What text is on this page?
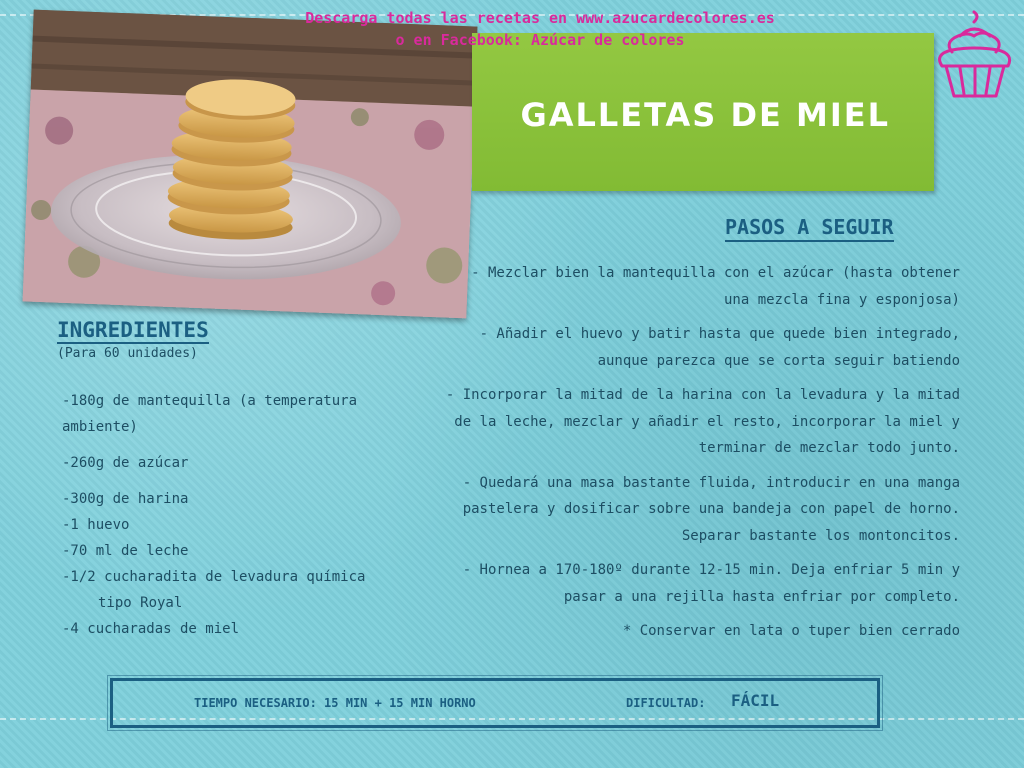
GALLETAS DE MIEL
Descarga todas las recetas en www.azucardecolores.es
o en Facebook: Azúcar de colores
INGREDIENTES
(Para 60 unidades)
-180g de mantequilla (a temperatura ambiente)
-260g de azúcar
-300g de harina
-1 huevo
-70 ml de leche
-1/2 cucharadita de levadura química
tipo Royal
-4 cucharadas de miel
PASOS A SEGUIR
- Mezclar bien la mantequilla con el azúcar (hasta obtener una mezcla fina y esponjosa)
- Añadir el huevo y batir hasta que quede bien integrado, aunque parezca que se corta seguir batiendo
- Incorporar la mitad de la harina con la levadura y la mitad de la leche, mezclar y añadir el resto, incorporar la miel y terminar de mezclar todo junto.
- Quedará una masa bastante fluida, introducir en una manga pastelera y dosificar sobre una bandeja con papel de horno. Separar bastante los montoncitos.
- Hornea a 170-180º durante 12-15 min. Deja enfriar 5 min y pasar a una rejilla hasta enfriar por completo.
* Conservar en lata o tuper bien cerrado
TIEMPO NECESARIO: 15 MIN + 15 MIN HORNO	DIFICULTAD: FÁCIL
